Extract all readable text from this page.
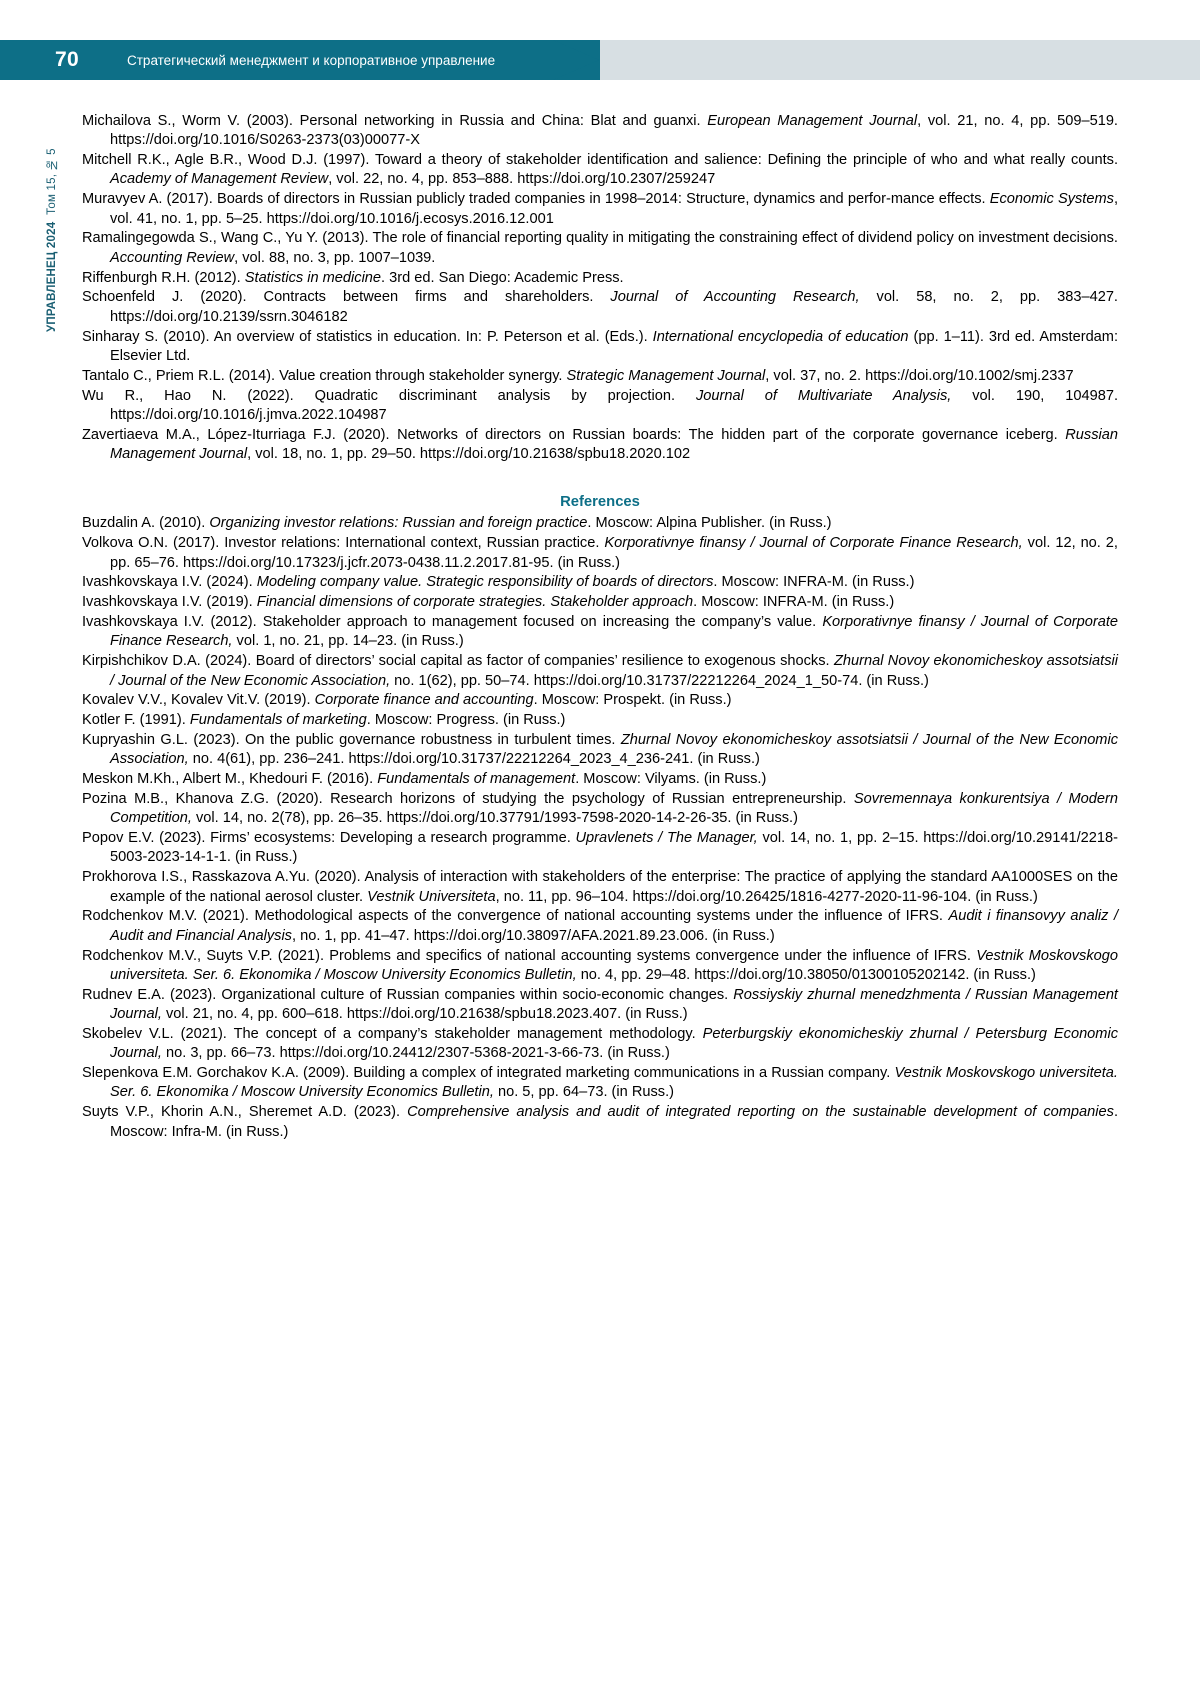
70	Стратегический менеджмент и корпоративное управление
УПРАВЛЕНЕЦ 2024  Том 15, № 5

Michailova S., Worm V. (2003). Personal networking in Russia and China: Blat and guanxi. European Management Journal, vol. 21, no. 4, pp. 509–519. https://doi.org/10.1016/S0263-2373(03)00077-X

Mitchell R.K., Agle B.R., Wood D.J. (1997). Toward a theory of stakeholder identification and salience: Defining the principle of who and what really counts. Academy of Management Review, vol. 22, no. 4, pp. 853–888. https://doi.org/10.2307/259247

Muravyev A. (2017). Boards of directors in Russian publicly traded companies in 1998–2014: Structure, dynamics and perfor-mance effects. Economic Systems, vol. 41, no. 1, pp. 5–25. https://doi.org/10.1016/j.ecosys.2016.12.001

Ramalingegowda S., Wang C., Yu Y. (2013). The role of financial reporting quality in mitigating the constraining effect of dividend policy on investment decisions. Accounting Review, vol. 88, no. 3, pp. 1007–1039.

Riffenburgh R.H. (2012). Statistics in medicine. 3rd ed. San Diego: Academic Press.

Schoenfeld J. (2020). Contracts between firms and shareholders. Journal of Accounting Research, vol. 58, no. 2, pp. 383–427. https://doi.org/10.2139/ssrn.3046182

Sinharay S. (2010). An overview of statistics in education. In: P. Peterson et al. (Eds.). International encyclopedia of education (pp. 1–11). 3rd ed. Amsterdam: Elsevier Ltd.

Tantalo C., Priem R.L. (2014). Value creation through stakeholder synergy. Strategic Management Journal, vol. 37, no. 2. https://doi.org/10.1002/smj.2337

Wu R., Hao N. (2022). Quadratic discriminant analysis by projection. Journal of Multivariate Analysis, vol. 190, 104987. https://doi.org/10.1016/j.jmva.2022.104987

Zavertiaeva M.A., López-Iturriaga F.J. (2020). Networks of directors on Russian boards: The hidden part of the corporate governance iceberg. Russian Management Journal, vol. 18, no. 1, pp. 29–50. https://doi.org/10.21638/spbu18.2020.102

References

Buzdalin A. (2010). Organizing investor relations: Russian and foreign practice. Moscow: Alpina Publisher. (in Russ.)

Volkova O.N. (2017). Investor relations: International context, Russian practice. Korporativnye finansy / Journal of Corporate Finance Research, vol. 12, no. 2, pp. 65–76. https://doi.org/10.17323/j.jcfr.2073-0438.11.2.2017.81-95. (in Russ.)

Ivashkovskaya I.V. (2024). Modeling company value. Strategic responsibility of boards of directors. Moscow: INFRA-M. (in Russ.)

Ivashkovskaya I.V. (2019). Financial dimensions of corporate strategies. Stakeholder approach. Moscow: INFRA-M. (in Russ.)

Ivashkovskaya I.V. (2012). Stakeholder approach to management focused on increasing the company’s value. Korporativnye finansy / Journal of Corporate Finance Research, vol. 1, no. 21, pp. 14–23. (in Russ.)

Kirpishchikov D.A. (2024). Board of directors’ social capital as factor of companies’ resilience to exogenous shocks. Zhurnal Novoy ekonomicheskoy assotsiatsii / Journal of the New Economic Association, no. 1(62), pp. 50–74. https://doi.org/10.31737/22212264_2024_1_50-74. (in Russ.)

Kovalev V.V., Kovalev Vit.V. (2019). Corporate finance and accounting. Moscow: Prospekt. (in Russ.)

Kotler F. (1991). Fundamentals of marketing. Moscow: Progress. (in Russ.)

Kupryashin G.L. (2023). On the public governance robustness in turbulent times. Zhurnal Novoy ekonomicheskoy assotsiatsii / Journal of the New Economic Association, no. 4(61), pp. 236–241. https://doi.org/10.31737/22212264_2023_4_236-241. (in Russ.)

Meskon M.Kh., Albert M., Khedouri F. (2016). Fundamentals of management. Moscow: Vilyams. (in Russ.)

Pozina M.B., Khanova Z.G. (2020). Research horizons of studying the psychology of Russian entrepreneurship. Sovremennaya konkurentsiya / Modern Competition, vol. 14, no. 2(78), pp. 26–35. https://doi.org/10.37791/1993-7598-2020-14-2-26-35. (in Russ.)

Popov E.V. (2023). Firms’ ecosystems: Developing a research programme. Upravlenets / The Manager, vol. 14, no. 1, pp. 2–15. https://doi.org/10.29141/2218-5003-2023-14-1-1. (in Russ.)

Prokhorova I.S., Rasskazova A.Yu. (2020). Analysis of interaction with stakeholders of the enterprise: The practice of applying the standard AA1000SES on the example of the national aerosol cluster. Vestnik Universiteta, no. 11, pp. 96–104. https://doi.org/10.26425/1816-4277-2020-11-96-104. (in Russ.)

Rodchenkov M.V. (2021). Methodological aspects of the convergence of national accounting systems under the influence of IFRS. Audit i finansovyy analiz / Audit and Financial Analysis, no. 1, pp. 41–47. https://doi.org/10.38097/AFA.2021.89.23.006. (in Russ.)

Rodchenkov M.V., Suyts V.P. (2021). Problems and specifics of national accounting systems convergence under the influence of IFRS. Vestnik Moskovskogo universiteta. Ser. 6. Ekonomika / Moscow University Economics Bulletin, no. 4, pp. 29–48. https://doi.org/10.38050/01300105202142. (in Russ.)

Rudnev E.A. (2023). Organizational culture of Russian companies within socio-economic changes. Rossiyskiy zhurnal menedzhmenta / Russian Management Journal, vol. 21, no. 4, pp. 600–618. https://doi.org/10.21638/spbu18.2023.407. (in Russ.)

Skobelev V.L. (2021). The concept of a company’s stakeholder management methodology. Peterburgskiy ekonomicheskiy zhurnal / Petersburg Economic Journal, no. 3, pp. 66–73. https://doi.org/10.24412/2307-5368-2021-3-66-73. (in Russ.)

Slepenkova E.M. Gorchakov K.A. (2009). Building a complex of integrated marketing communications in a Russian company. Vestnik Moskovskogo universiteta. Ser. 6. Ekonomika / Moscow University Economics Bulletin, no. 5, pp. 64–73. (in Russ.)

Suyts V.P., Khorin A.N., Sheremet A.D. (2023). Comprehensive analysis and audit of integrated reporting on the sustainable development of companies. Moscow: Infra-M. (in Russ.)
